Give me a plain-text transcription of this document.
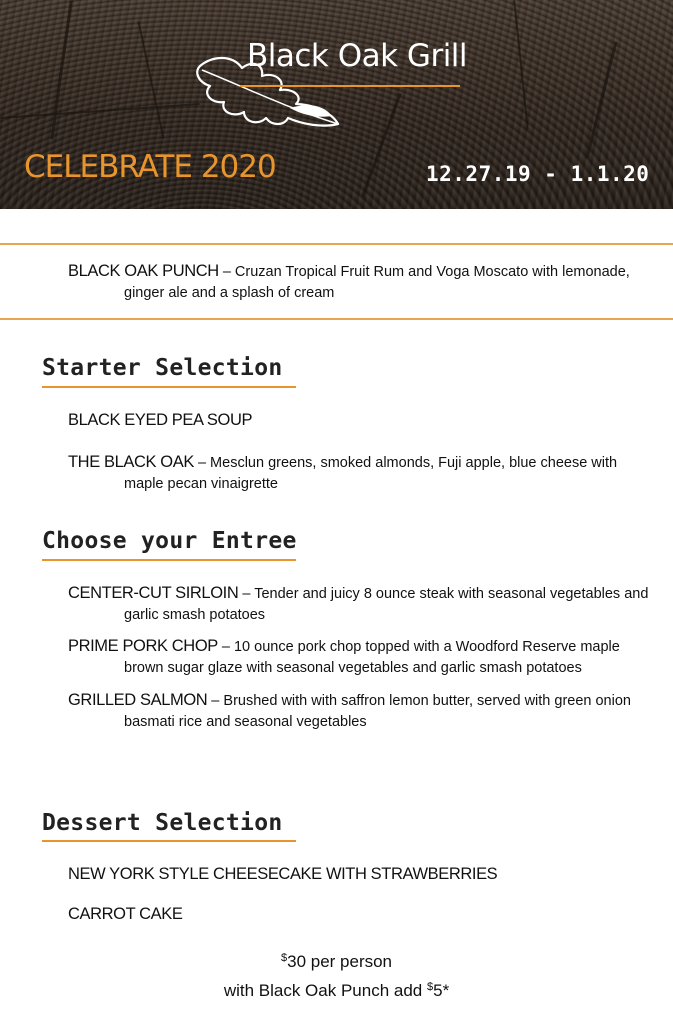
Black Oak Grill
CELEBRATE 2020	12.27.19 - 1.1.20
BLACK OAK PUNCH – Cruzan Tropical Fruit Rum and Voga Moscato with lemonade,
ginger ale and a splash of cream
Starter Selection
BLACK EYED PEA SOUP
THE BLACK OAK – Mesclun greens, smoked almonds, Fuji apple, blue cheese with
maple pecan vinaigrette
Choose your Entree
CENTER-CUT SIRLOIN – Tender and juicy 8 ounce steak with seasonal vegetables and
garlic smash potatoes
PRIME PORK CHOP – 10 ounce pork chop topped with a Woodford Reserve maple
brown sugar glaze with seasonal vegetables and garlic smash potatoes
GRILLED SALMON – Brushed with with saffron lemon butter, served with green onion
basmati rice and seasonal vegetables
Dessert Selection
NEW YORK STYLE CHEESECAKE WITH STRAWBERRIES
CARROT CAKE
$30 per person
with Black Oak Punch add $5*
